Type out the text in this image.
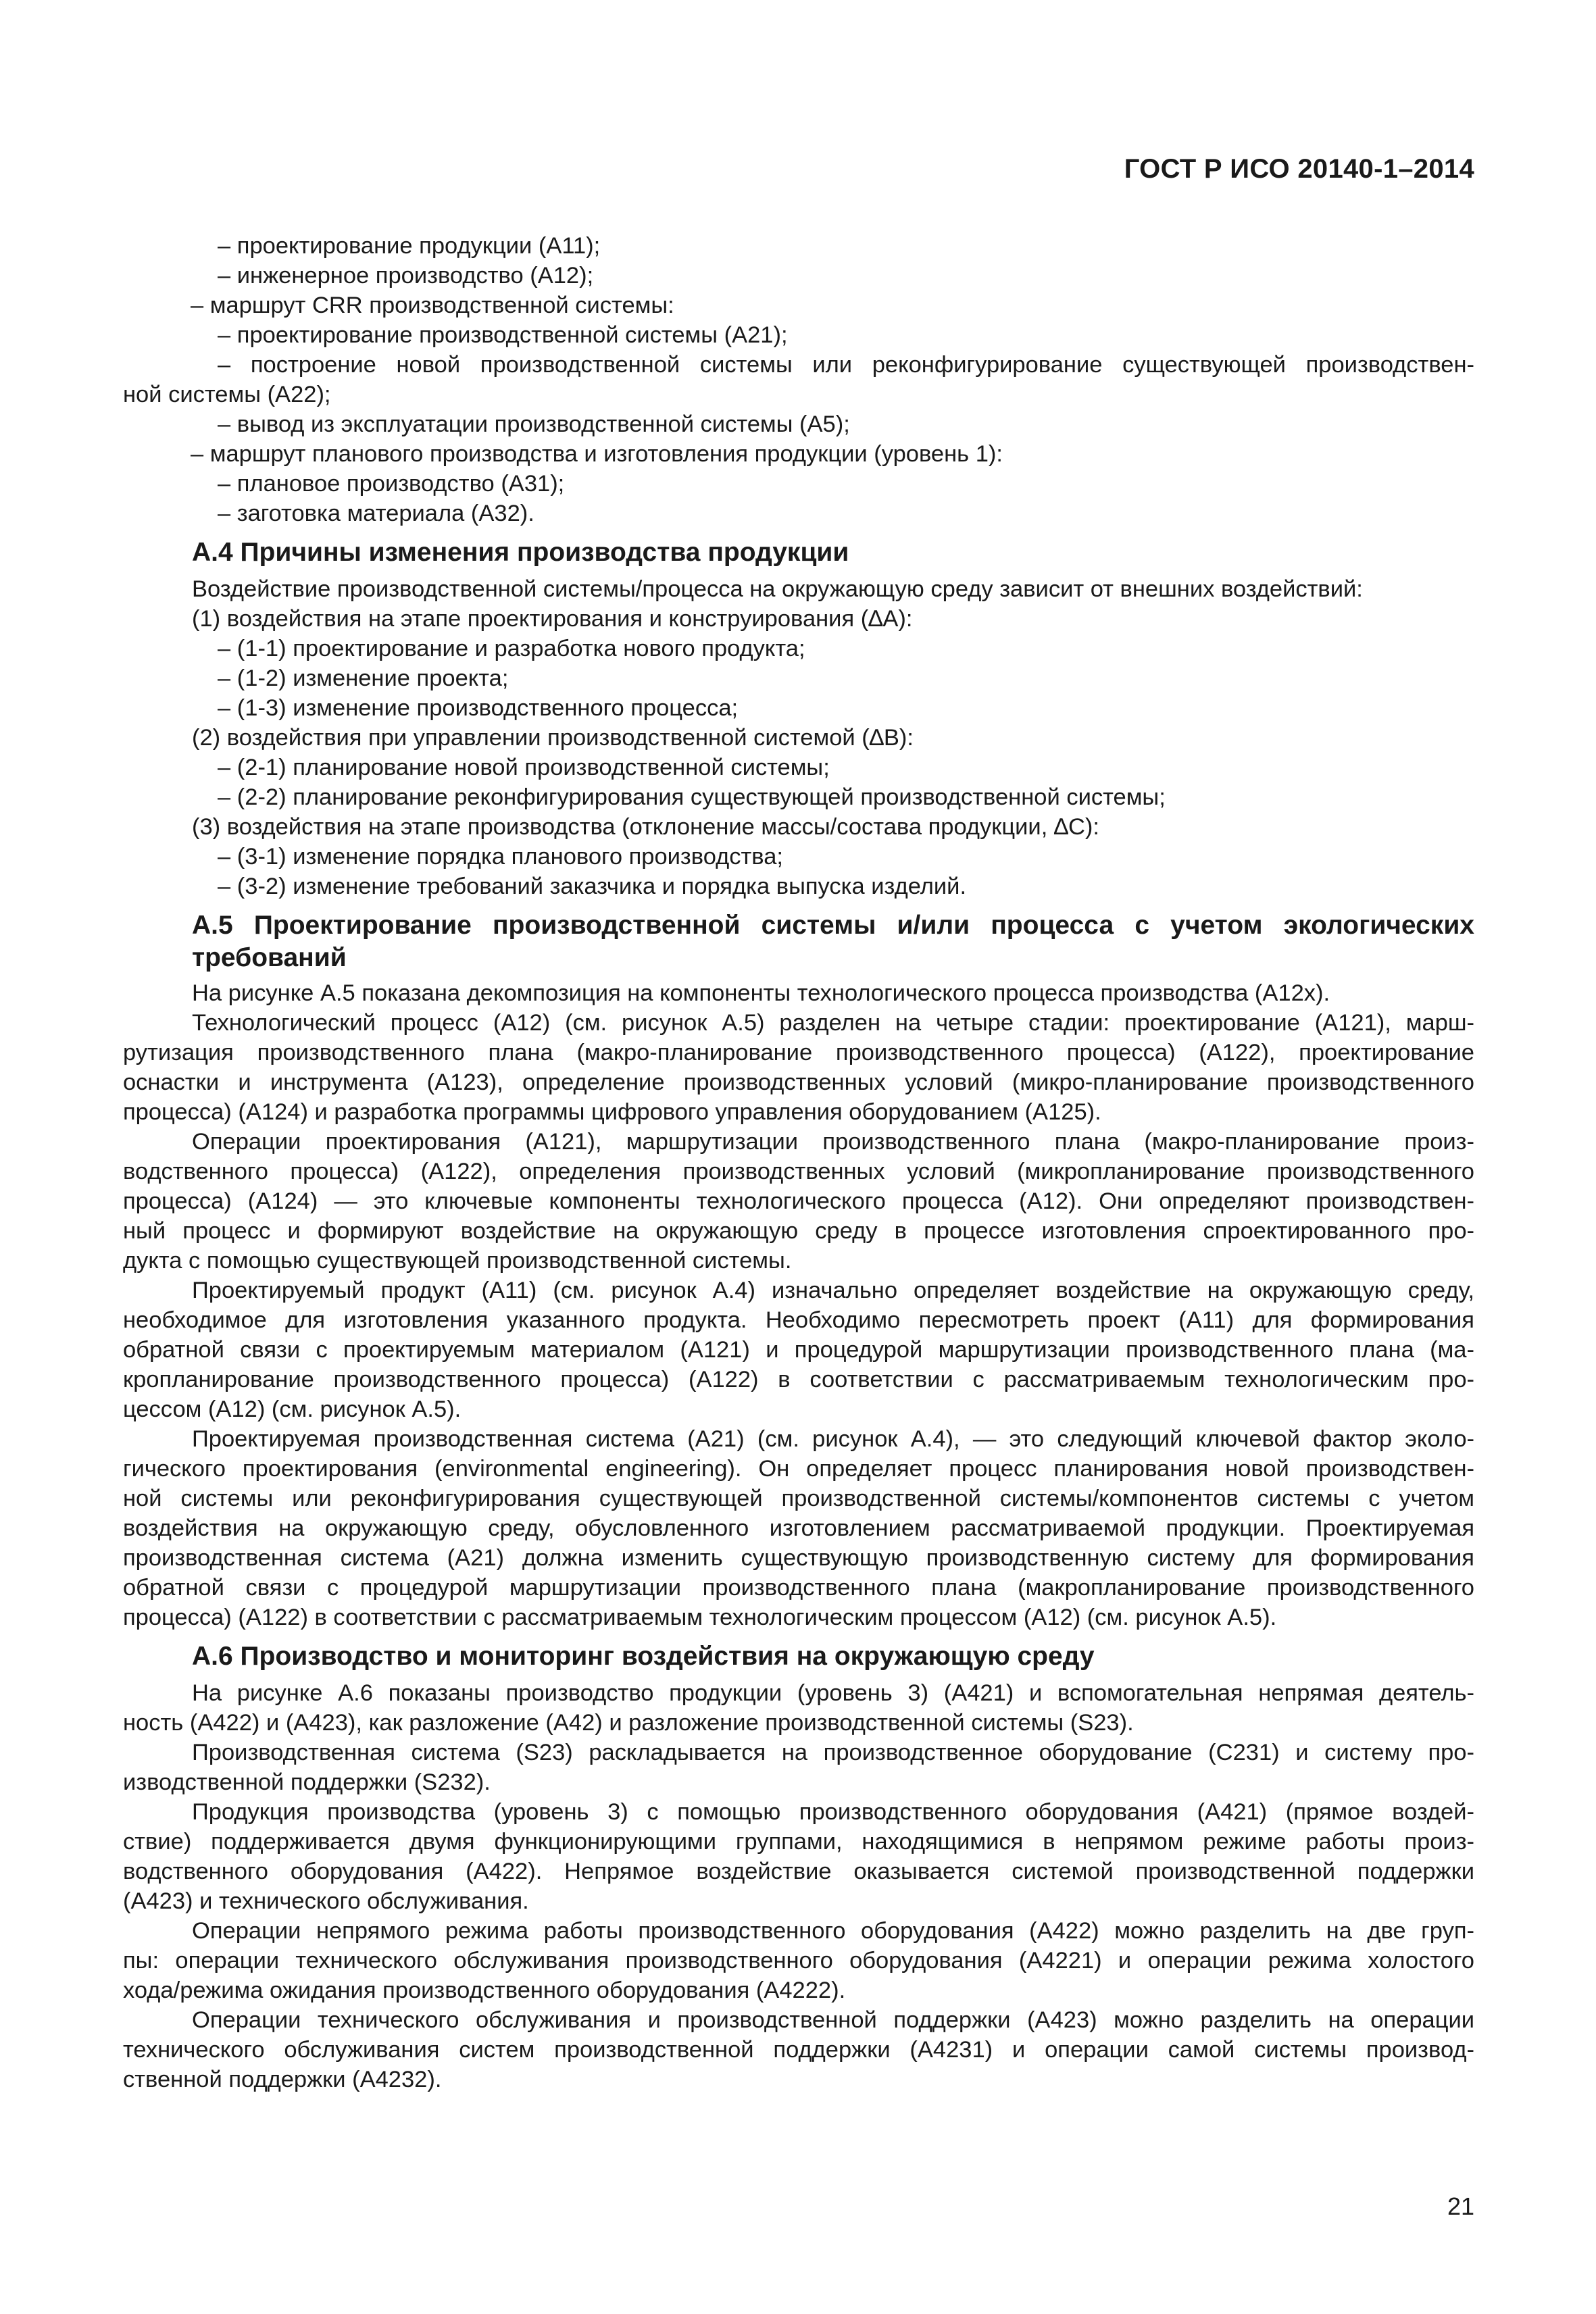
ГОСТ Р ИСО 20140-1–2014
– проектирование продукции (A11);
– инженерное производство (A12);
– маршрут CRR производственной системы:
– проектирование производственной системы (A21);
– построение новой производственной системы или реконфигурирование существующей производствен-
ной системы (A22);
– вывод из эксплуатации производственной системы (A5);
– маршрут планового производства и изготовления продукции (уровень 1):
– плановое производство (A31);
– заготовка материала (A32).
A.4 Причины изменения производства продукции
Воздействие производственной системы/процесса на окружающую среду зависит от внешних воздействий:
(1) воздействия на этапе проектирования и конструирования (∆A):
– (1-1) проектирование и разработка нового продукта;
– (1-2) изменение проекта;
– (1-3) изменение производственного процесса;
(2) воздействия при управлении производственной системой (∆B):
– (2-1) планирование новой производственной системы;
– (2-2) планирование реконфигурирования существующей производственной системы;
(3) воздействия на этапе производства (отклонение массы/состава продукции, ∆C):
– (3-1) изменение порядка планового производства;
– (3-2) изменение требований заказчика и порядка выпуска изделий.
A.5 Проектирование производственной системы и/или процесса с учетом экологических
требований
На рисунке A.5 показана декомпозиция на компоненты технологического процесса производства (A12x).
Технологический процесс (A12) (см. рисунок A.5) разделен на четыре стадии: проектирование (A121), марш-
рутизация производственного плана (макро-планирование производственного процесса) (A122), проектирование
оснастки и инструмента (A123), определение производственных условий (микро-планирование производственного
процесса) (A124) и разработка программы цифрового управления оборудованием (A125).
Операции проектирования (A121), маршрутизации производственного плана (макро-планирование произ-
водственного процесса) (A122), определения производственных условий (микропланирование производственного
процесса) (A124) — это ключевые компоненты технологического процесса (A12). Они определяют производствен-
ный процесс и формируют воздействие на окружающую среду в процессе изготовления спроектированного про-
дукта с помощью существующей производственной системы.
Проектируемый продукт (A11) (см. рисунок A.4) изначально определяет воздействие на окружающую среду,
необходимое для изготовления указанного продукта. Необходимо пересмотреть проект (A11) для формирования
обратной связи с проектируемым материалом (A121) и процедурой маршрутизации производственного плана (ма-
кропланирование производственного процесса) (A122) в соответствии с рассматриваемым технологическим про-
цессом (A12) (см. рисунок A.5).
Проектируемая производственная система (A21) (см. рисунок A.4), — это следующий ключевой фактор эколо-
гического проектирования (environmental engineering). Он определяет процесс планирования новой производствен-
ной системы или реконфигурирования существующей производственной системы/компонентов системы с учетом
воздействия на окружающую среду, обусловленного изготовлением рассматриваемой продукции. Проектируемая
производственная система (A21) должна изменить существующую производственную систему для формирования
обратной связи с процедурой маршрутизации производственного плана (макропланирование производственного
процесса) (A122) в соответствии с рассматриваемым технологическим процессом (A12) (см. рисунок A.5).
A.6 Производство и мониторинг воздействия на окружающую среду
На рисунке A.6 показаны производство продукции (уровень 3) (A421) и вспомогательная непрямая деятель-
ность (A422) и (A423), как разложение (A42) и разложение производственной системы (S23).
Производственная система (S23) раскладывается на производственное оборудование (C231) и систему про-
изводственной поддержки (S232).
Продукция производства (уровень 3) с помощью производственного оборудования (A421) (прямое воздей-
ствие) поддерживается двумя функционирующими группами, находящимися в непрямом режиме работы произ-
водственного оборудования (A422). Непрямое воздействие оказывается системой производственной поддержки
(A423) и технического обслуживания.
Операции непрямого режима работы производственного оборудования (A422) можно разделить на две груп-
пы: операции технического обслуживания производственного оборудования (A4221) и операции режима холостого
хода/режима ожидания производственного оборудования (A4222).
Операции технического обслуживания и производственной поддержки (A423) можно разделить на операции
технического обслуживания систем производственной поддержки (A4231) и операции самой системы производ-
ственной поддержки (A4232).
21
